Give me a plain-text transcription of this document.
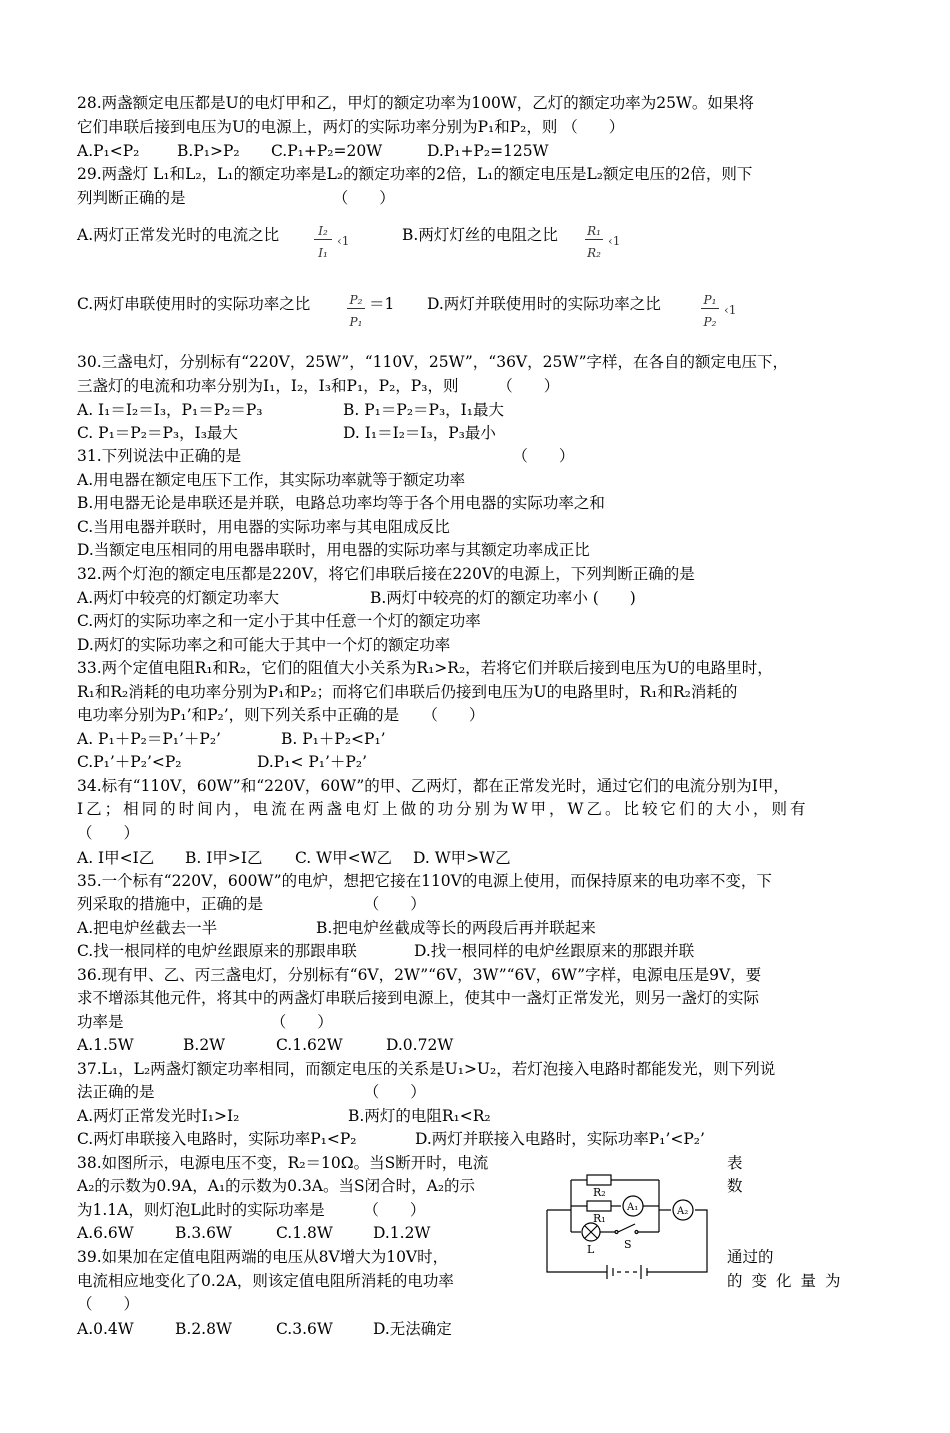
28.两盏额定电压都是U的电灯甲和乙，甲灯的额定功率为100W，乙灯的额定功率为25W。如果将
它们串联后接到电压为U的电源上，两灯的实际功率分别为P₁和P₂，则 （　　）
A.P₁<P₂ B.P₁>P₂ C.P₁+P₂=20W	D.P₁+P₂=125W
29.两盏灯 L₁和L₂，L₁的额定功率是L₂的额定功率的2倍，L₁的额定电压是L₂额定电压的2倍，则下
列判断正确的是　　　　　　　　　　（　　）
A.两灯正常发光时的电流之比	I₂
I₁
‹1	B.两灯灯丝的电阻之比	R₁
R₂
‹1
C.两灯串联使用时的实际功率之比	P₂
P₁
＝1 D.两灯并联使用时的实际功率之比	P₁
P₂
‹1
30.三盏电灯，分别标有“220V，25W”，“110V，25W”，“36V，25W”字样，在各自的额定电压下，
三盏灯的电流和功率分别为I₁，I₂，I₃和P₁，P₂，P₃，则　　　（　　）
A. I₁＝I₂＝I₃，P₁＝P₂＝P₃	B. P₁＝P₂＝P₃，I₁最大
C. P₁＝P₂＝P₃，I₃最大	D. I₁＝I₂＝I₃，P₃最小
31.下列说法中正确的是　　　　　　　　　　　　　　　　　　（　　）
A.用电器在额定电压下工作，其实际功率就等于额定功率
B.用电器无论是串联还是并联，电路总功率均等于各个用电器的实际功率之和
C.当用电器并联时，用电器的实际功率与其电阻成反比
D.当额定电压相同的用电器串联时，用电器的实际功率与其额定功率成正比
32.两个灯泡的额定电压都是220V，将它们串联后接在220V的电源上，下列判断正确的是
A.两灯中较亮的灯额定功率大	B.两灯中较亮的灯的额定功率小 (　　)
C.两灯的实际功率之和一定小于其中任意一个灯的额定功率
D.两灯的实际功率之和可能大于其中一个灯的额定功率
33.两个定值电阻R₁和R₂，它们的阻值大小关系为R₁>R₂，若将它们并联后接到电压为U的电路里时，
R₁和R₂消耗的电功率分别为P₁和P₂；而将它们串联后仍接到电压为U的电路里时，R₁和R₂消耗的
电功率分别为P₁’和P₂’，则下列关系中正确的是　　（　　）
A. P₁＋P₂＝P₁’＋P₂’	B. P₁＋P₂<P₁’
C.P₁’＋P₂’<P₂	D.P₁< P₁’＋P₂’
34.标有“110V，60W”和“220V，60W”的甲、乙两灯，都在正常发光时，通过它们的电流分别为I甲，
I乙；相同的时间内，电流在两盏电灯上做的功分别为W甲，W乙。比较它们的大小，则有
（　　）
A. I甲<I乙 B. I甲>I乙 C. W甲<W乙 D. W甲>W乙
35.一个标有“220V，600W”的电炉，想把它接在110V的电源上使用，而保持原来的电功率不变，下
列采取的措施中，正确的是　　　　　　　（　　）
A.把电炉丝截去一半	B.把电炉丝截成等长的两段后再并联起来
C.找一根同样的电炉丝跟原来的那跟串联	D.找一根同样的电炉丝跟原来的那跟并联
36.现有甲、乙、丙三盏电灯，分别标有“6V，2W”“6V，3W”“6V，6W”字样，电源电压是9V，要
求不增添其他元件，将其中的两盏灯串联后接到电源上，使其中一盏灯正常发光，则另一盏灯的实际
功率是　　　　　　　　　　（　　）
A.1.5W	B.2W	C.1.62W	D.0.72W
37.L₁，L₂两盏灯额定功率相同，而额定电压的关系是U₁>U₂，若灯泡接入电路时都能发光，则下列说
法正确的是　　　　　　　　　　　　　　（　　）
A.两灯正常发光时I₁>I₂	B.两灯的电阻R₁<R₂
C.两灯串联接入电路时，实际功率P₁<P₂	D.两灯并联接入电路时，实际功率P₁’<P₂’
38.如图所示，电源电压不变，R₂＝10Ω。当S断开时，电流	表
A₂的示数为0.9A，A₁的示数为0.3A。当S闭合时，A₂的示	数
为1.1A，则灯泡L此时的实际功率是　　　（　　）
A.6.6W	B.3.6W	C.1.8W	D.1.2W
39.如果加在定值电阻两端的电压从8V增大为10V时，	通过的
电流相应地变化了0.2A，则该定值电阻所消耗的电功率	的变化量为
（　　）
A.0.4W	B.2.8W	C.3.6W	D.无法确定
R₂
R₁
A₁	A₂
L	S
